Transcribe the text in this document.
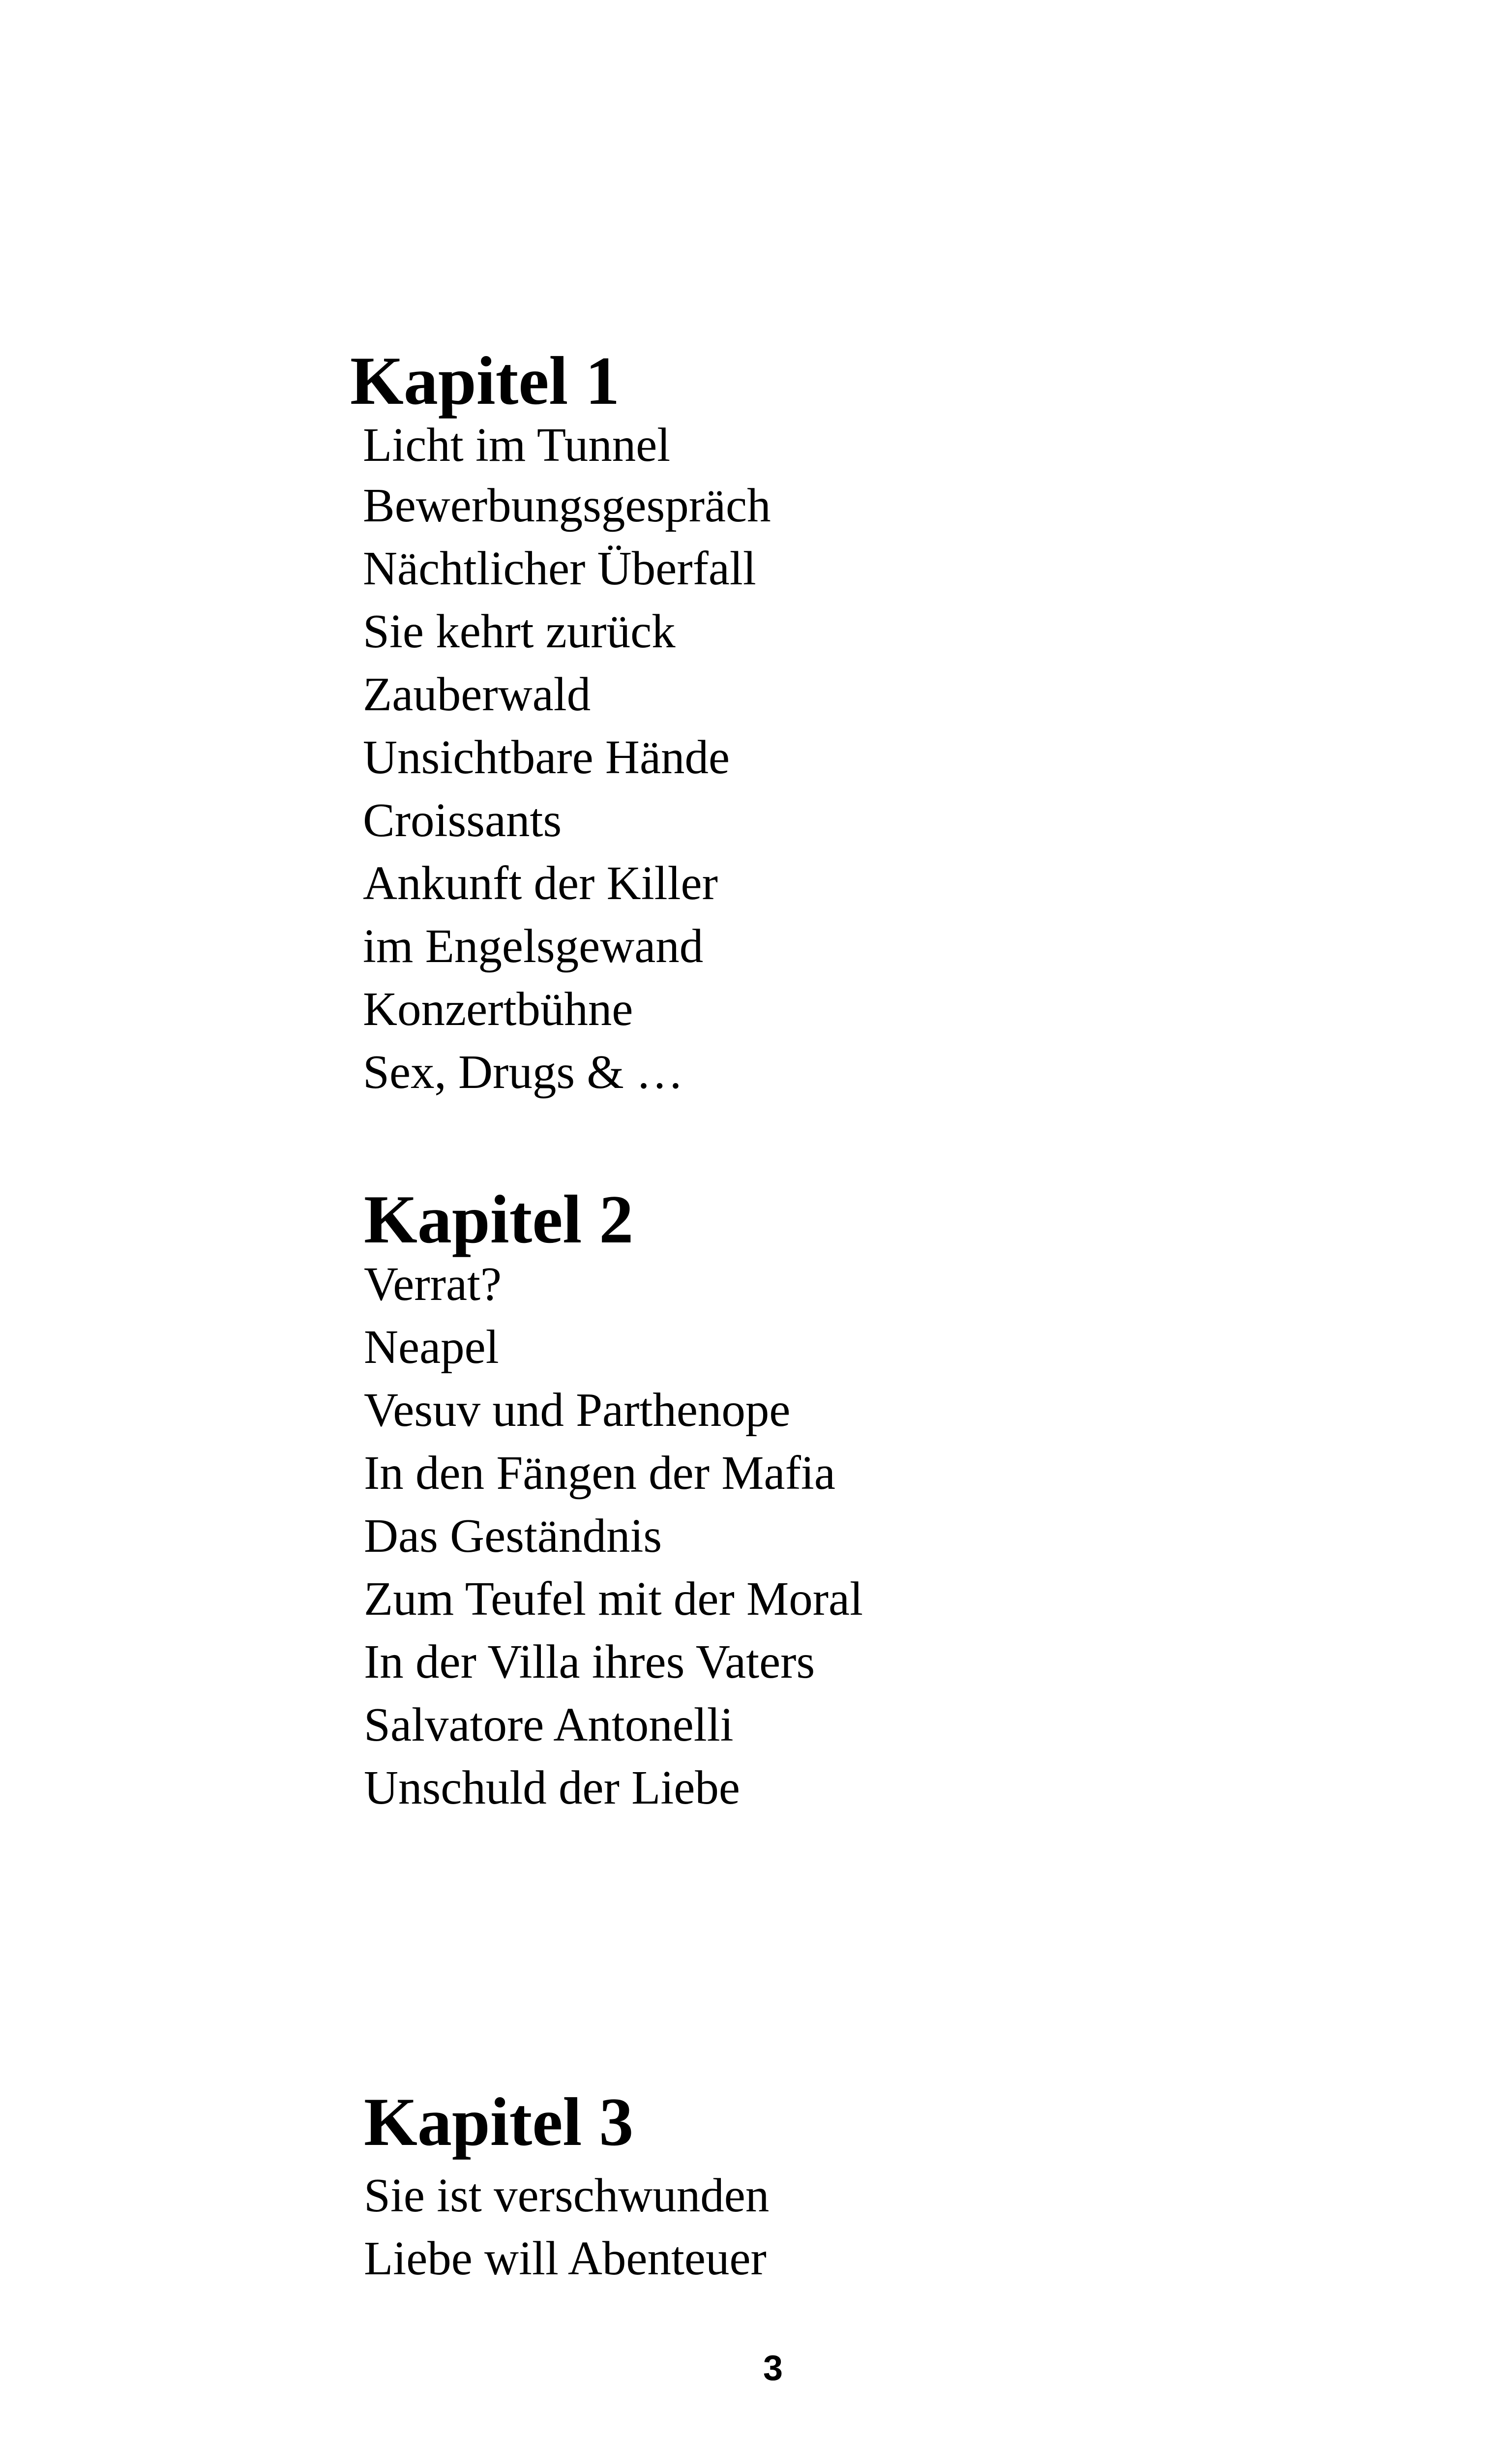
Kapitel 1
Licht im Tunnel
Bewerbungsgespräch
Nächtlicher Überfall
Sie kehrt zurück
Zauberwald
Unsichtbare Hände
Croissants
Ankunft der Killer
im Engelsgewand
Konzertbühne
Sex, Drugs & …
Kapitel 2
Verrat?
Neapel
Vesuv und Parthenope
In den Fängen der Mafia
Das Geständnis
Zum Teufel mit der Moral
In der Villa ihres Vaters
Salvatore Antonelli
Unschuld der Liebe
Kapitel 3
Sie ist verschwunden
Liebe will Abenteuer
3
